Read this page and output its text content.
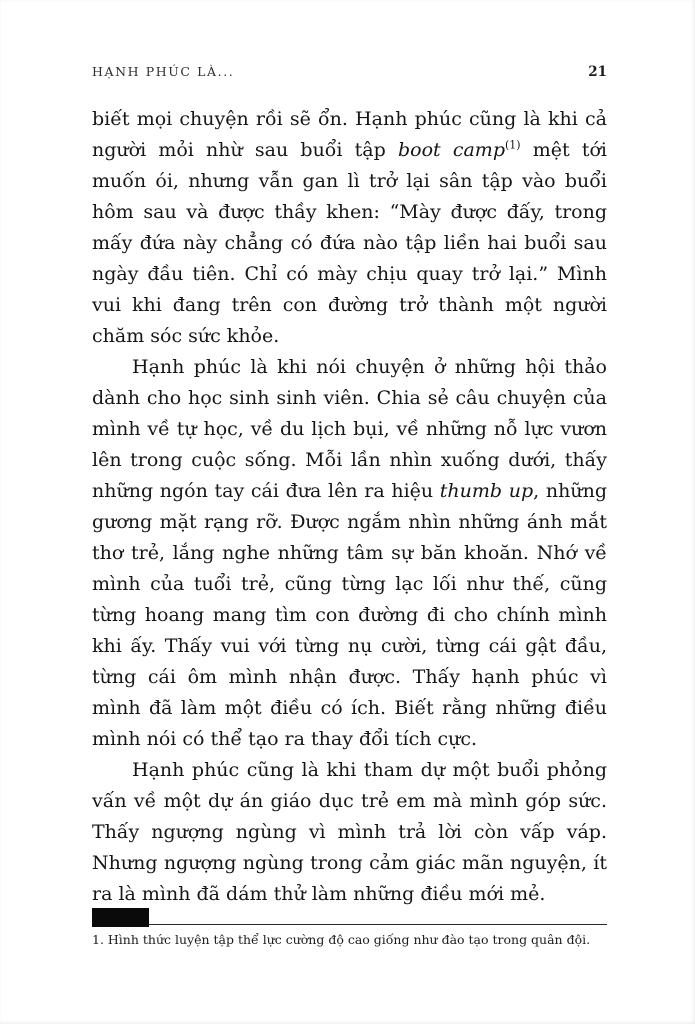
HẠNH PHÚC LÀ...	21

biết mọi chuyện rồi sẽ ổn. Hạnh phúc cũng là khi cả người mỏi nhừ sau buổi tập boot camp$^{(1)}$ mệt tới muốn ói, nhưng vẫn gan lì trở lại sân tập vào buổi hôm sau và được thầy khen: “Mày được đấy, trong mấy đứa này chẳng có đứa nào tập liền hai buổi sau ngày đầu tiên. Chỉ có mày chịu quay trở lại.” Mình vui khi đang trên con đường trở thành một người chăm sóc sức khỏe.

Hạnh phúc là khi nói chuyện ở những hội thảo dành cho học sinh sinh viên. Chia sẻ câu chuyện của mình về tự học, về du lịch bụi, về những nỗ lực vươn lên trong cuộc sống. Mỗi lần nhìn xuống dưới, thấy những ngón tay cái đưa lên ra hiệu thumb up, những gương mặt rạng rỡ. Được ngắm nhìn những ánh mắt thơ trẻ, lắng nghe những tâm sự băn khoăn. Nhớ về mình của tuổi trẻ, cũng từng lạc lối như thế, cũng từng hoang mang tìm con đường đi cho chính mình khi ấy. Thấy vui với từng nụ cười, từng cái gật đầu, từng cái ôm mình nhận được. Thấy hạnh phúc vì mình đã làm một điều có ích. Biết rằng những điều mình nói có thể tạo ra thay đổi tích cực.

Hạnh phúc cũng là khi tham dự một buổi phỏng vấn về một dự án giáo dục trẻ em mà mình góp sức. Thấy ngượng ngùng vì mình trả lời còn vấp váp. Nhưng ngượng ngùng trong cảm giác mãn nguyện, ít ra là mình đã dám thử làm những điều mới mẻ.

1. Hình thức luyện tập thể lực cường độ cao giống như đào tạo trong quân đội.
